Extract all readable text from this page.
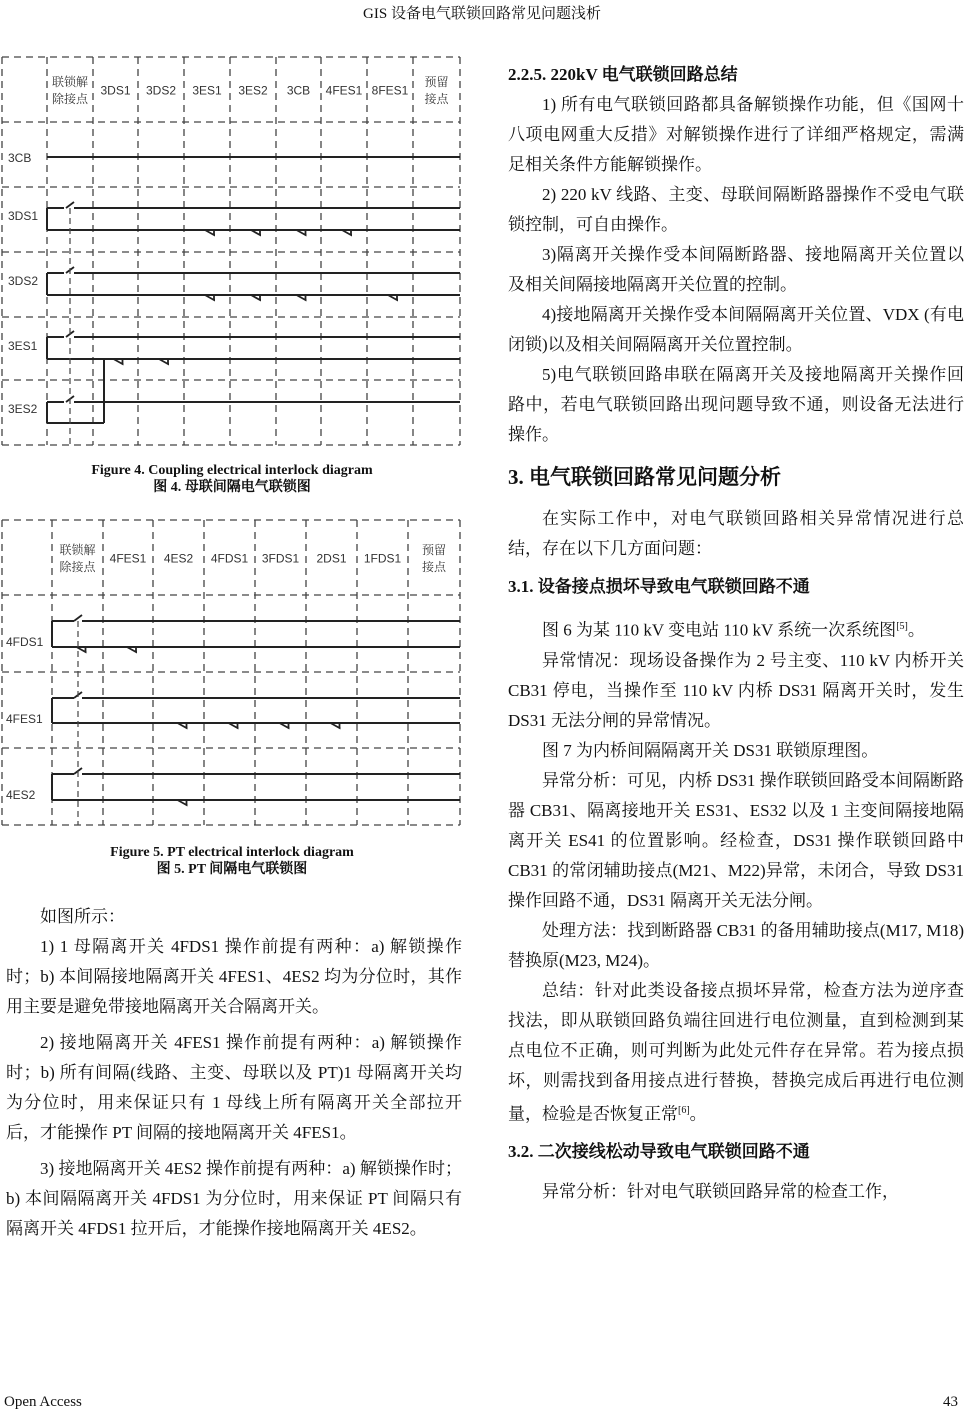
GIS 设备电气联锁回路常见问题浅析
联锁解
除接点
3DS1 3DS2 3ES1 3ES2 3CB 4FES1 8FES1
预留
接点
3CB
3DS1
3DS2
3ES1
3ES2
Figure 4. Coupling electrical interlock diagram
图 4. 母联间隔电气联锁图
联锁解
除接点
4FES1 4ES2 4FDS1 3FDS1 2DS1 1FDS1
预留
接点
4FDS1
4FES1
4ES2
Figure 5. PT electrical interlock diagram
图 5. PT 间隔电气联锁图

如图所示：

1) 1 母隔离开关 4FDS1 操作前提有两种：a) 解锁操作时；b) 本间隔接地隔离开关 4FES1、4ES2 均为分位时，其作用主要是避免带接地隔离开关合隔离开关。

2) 接地隔离开关 4FES1 操作前提有两种：a) 解锁操作时；b) 所有间隔(线路、主变、母联以及 PT)1 母隔离开关均为分位时，用来保证只有 1 母线上所有隔离开关全部拉开后，才能操作 PT 间隔的接地隔离开关 4FES1。

3) 接地隔离开关 4ES2 操作前提有两种：a) 解锁操作时；b) 本间隔隔离开关 4FDS1 为分位时，用来保证 PT 间隔只有隔离开关 4FDS1 拉开后，才能操作接地隔离开关 4ES2。

2.2.5. 220kV 电气联锁回路总结

1) 所有电气联锁回路都具备解锁操作功能，但《国网十八项电网重大反措》对解锁操作进行了详细严格规定，需满足相关条件方能解锁操作。

2) 220 kV 线路、主变、母联间隔断路器操作不受电气联锁控制，可自由操作。

3)隔离开关操作受本间隔断路器、接地隔离开关位置以及相关间隔接地隔离开关位置的控制。

4)接地隔离开关操作受本间隔隔离开关位置、VDX (有电闭锁)以及相关间隔隔离开关位置控制。

5)电气联锁回路串联在隔离开关及接地隔离开关操作回路中，若电气联锁回路出现问题导致不通，则设备无法进行操作。

3. 电气联锁回路常见问题分析

在实际工作中，对电气联锁回路相关异常情况进行总结，存在以下几方面问题：

3.1. 设备接点损坏导致电气联锁回路不通

图 6 为某 110 kV 变电站 110 kV 系统一次系统图[5]。

异常情况：现场设备操作为 2 号主变、110 kV 内桥开关 CB31 停电，当操作至 110 kV 内桥 DS31 隔离开关时，发生 DS31 无法分闸的异常情况。

图 7 为内桥间隔隔离开关 DS31 联锁原理图。

异常分析：可见，内桥 DS31 操作联锁回路受本间隔断路器 CB31、隔离接地开关 ES31、ES32 以及 1 主变间隔接地隔离开关 ES41 的位置影响。经检查，DS31 操作联锁回路中 CB31 的常闭辅助接点(M21、M22)异常，未闭合，导致 DS31 操作回路不通，DS31 隔离开关无法分闸。

处理方法：找到断路器 CB31 的备用辅助接点(M17, M18)替换原(M23, M24)。

总结：针对此类设备接点损坏异常，检查方法为逆序查找法，即从联锁回路负端往回进行电位测量，直到检测到某点电位不正确，则可判断为此处元件存在异常。若为接点损坏，则需找到备用接点进行替换，替换完成后再进行电位测量，检验是否恢复正常[6]。

3.2. 二次接线松动导致电气联锁回路不通

异常分析：针对电气联锁回路异常的检查工作，

Open Access	43
